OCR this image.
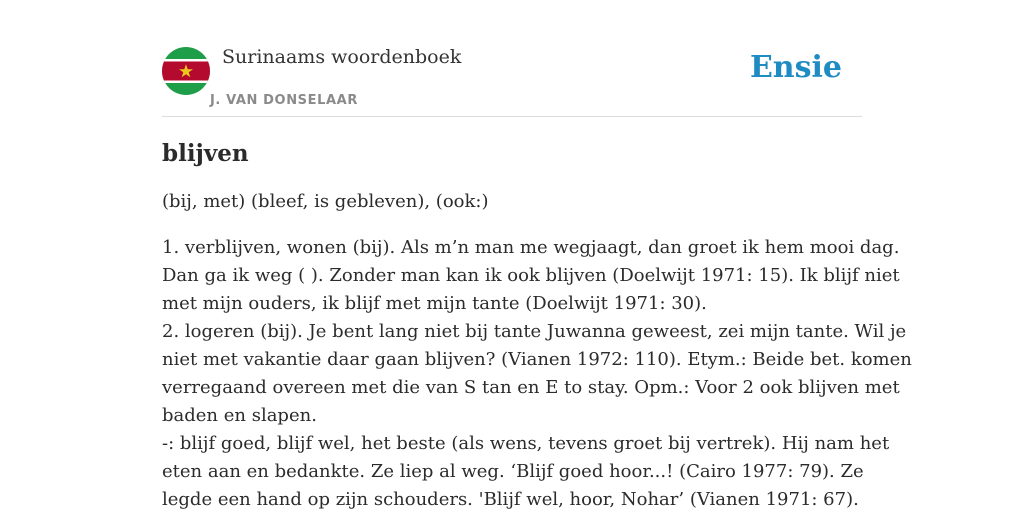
Surinaams woordenboek
J. VAN DONSELAAR
Ensie
blijven

(bij, met) (bleef, is gebleven), (ook:)

1. verblijven, wonen (bij). Als m’n man me wegjaagt, dan groet ik hem mooi dag.
Dan ga ik weg ( ). Zonder man kan ik ook blijven (Doelwijt 1971: 15). Ik blijf niet
met mijn ouders, ik blijf met mijn tante (Doelwijt 1971: 30).
2. logeren (bij). Je bent lang niet bij tante Juwanna geweest, zei mijn tante. Wil je
niet met vakantie daar gaan blijven? (Vianen 1972: 110). Etym.: Beide bet. komen
verregaand overeen met die van S tan en E to stay. Opm.: Voor 2 ook blijven met
baden en slapen.
-: blijf goed, blijf wel, het beste (als wens, tevens groet bij vertrek). Hij nam het
eten aan en bedankte. Ze liep al weg. ‘Blijf goed hoor...! (Cairo 1977: 79). Ze
legde een hand op zijn schouders. 'Blijf wel, hoor, Nohar’ (Vianen 1971: 67).
